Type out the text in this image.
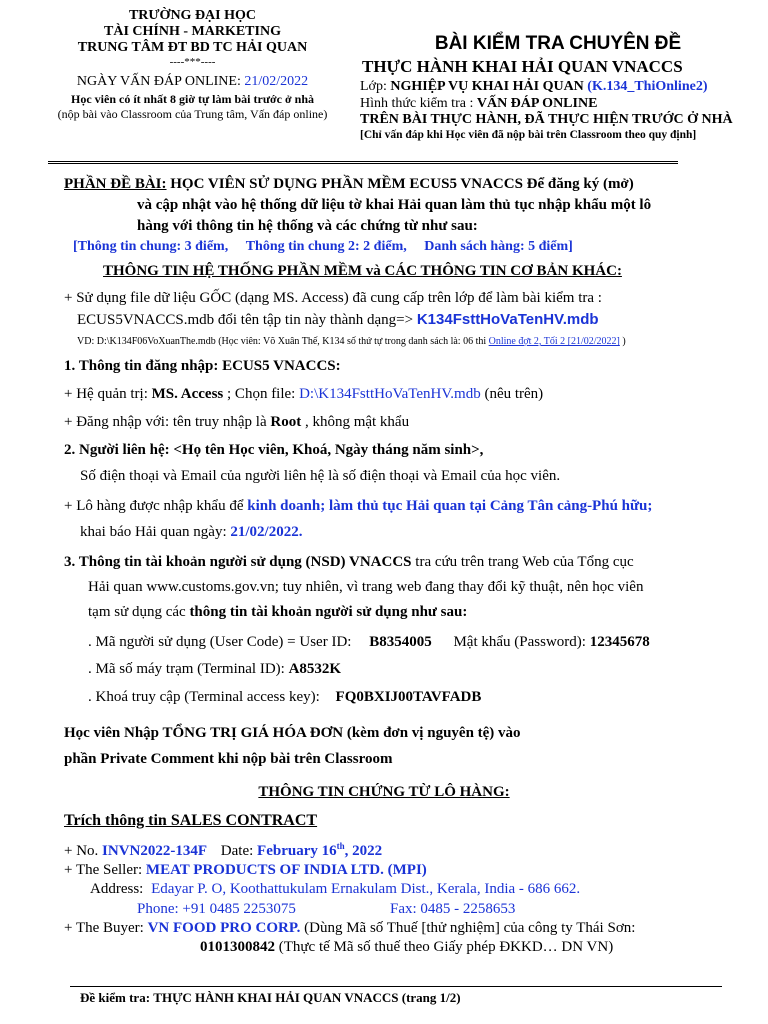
TRƯỜNG ĐẠI HỌC
TÀI CHÍNH - MARKETING
TRUNG TÂM ĐT BD TC HẢI QUAN
----***----
NGÀY VẤN ĐÁP ONLINE: 21/02/2022
Học viên có ít nhất 8 giờ tự làm bài trước ở nhà
(nộp bài vào Classroom của Trung tâm, Vấn đáp online)
BÀI KIỂM TRA CHUYÊN ĐỀ
THỰC HÀNH KHAI HẢI QUAN VNACCS
Lớp: NGHIỆP VỤ KHAI HẢI QUAN (K.134_ThiOnline2)
Hình thức kiểm tra : VẤN ĐÁP ONLINE
TRÊN BÀI THỰC HÀNH, ĐÃ THỰC HIỆN TRƯỚC Ở NHÀ
[Chỉ vấn đáp khi Học viên đã nộp bài trên Classroom theo quy định]
PHẦN ĐỀ BÀI: HỌC VIÊN SỬ DỤNG PHẦN MỀM ECUS5 VNACCS Để đăng ký (mở)
và cập nhật vào hệ thống dữ liệu tờ khai Hải quan làm thủ tục nhập khẩu một lô
hàng với thông tin hệ thống và các chứng từ như sau:
[Thông tin chung: 3 điểm, Thông tin chung 2: 2 điểm, Danh sách hàng: 5 điểm]
THÔNG TIN HỆ THỐNG PHẦN MỀM và CÁC THÔNG TIN CƠ BẢN KHÁC:
+ Sử dụng file dữ liệu GỐC (dạng MS. Access) đã cung cấp trên lớp để làm bài kiểm tra :
ECUS5VNACCS.mdb đổi tên tập tin này thành dạng=> K134FsttHoVaTenHV.mdb
VD: D:\K134F06VoXuanThe.mdb (Học viên: Võ Xuân Thế, K134 số thứ tự trong danh sách là: 06 thi Online đợt 2, Tối 2 [21/02/2022] )
1. Thông tin đăng nhập: ECUS5 VNACCS:
+ Hệ quản trị: MS. Access ; Chọn file: D:\K134FsttHoVaTenHV.mdb (nêu trên)
+ Đăng nhập với: tên truy nhập là Root , không mật khẩu
2. Người liên hệ: <Họ tên Học viên, Khoá, Ngày tháng năm sinh>,
Số điện thoại và Email của người liên hệ là số điện thoại và Email của học viên.
+ Lô hàng được nhập khẩu để kinh doanh; làm thủ tục Hải quan tại Cảng Tân cảng-Phú hữu;
khai báo Hải quan ngày: 21/02/2022.
3. Thông tin tài khoản người sử dụng (NSD) VNACCS tra cứu trên trang Web của Tổng cục
Hải quan www.customs.gov.vn; tuy nhiên, vì trang web đang thay đổi kỹ thuật, nên học viên
tạm sử dụng các thông tin tài khoản người sử dụng như sau:
. Mã người sử dụng (User Code) = User ID: B8354005 Mật khẩu (Password): 12345678
. Mã số máy trạm (Terminal ID): A8532K
. Khoá truy cập (Terminal access key): FQ0BXIJ00TAVFADB
Học viên Nhập TỔNG TRỊ GIÁ HÓA ĐƠN (kèm đơn vị nguyên tệ) vào
phần Private Comment khi nộp bài trên Classroom
THÔNG TIN CHỨNG TỪ LÔ HÀNG:
Trích thông tin SALES CONTRACT
+ No. INVN2022-134F Date: February 16th, 2022
+ The Seller: MEAT PRODUCTS OF INDIA LTD. (MPI)
Address: Edayar P. O, Koothattukulam Ernakulam Dist., Kerala, India - 686 662.
Phone: +91 0485 2253075	Fax: 0485 - 2258653
+ The Buyer: VN FOOD PRO CORP. (Dùng Mã số Thuế [thử nghiệm] của công ty Thái Sơn:
0101300842 (Thực tế Mã số thuế theo Giấy phép ĐKKD… DN VN)
Đề kiểm tra: THỰC HÀNH KHAI HẢI QUAN VNACCS (trang 1/2)
